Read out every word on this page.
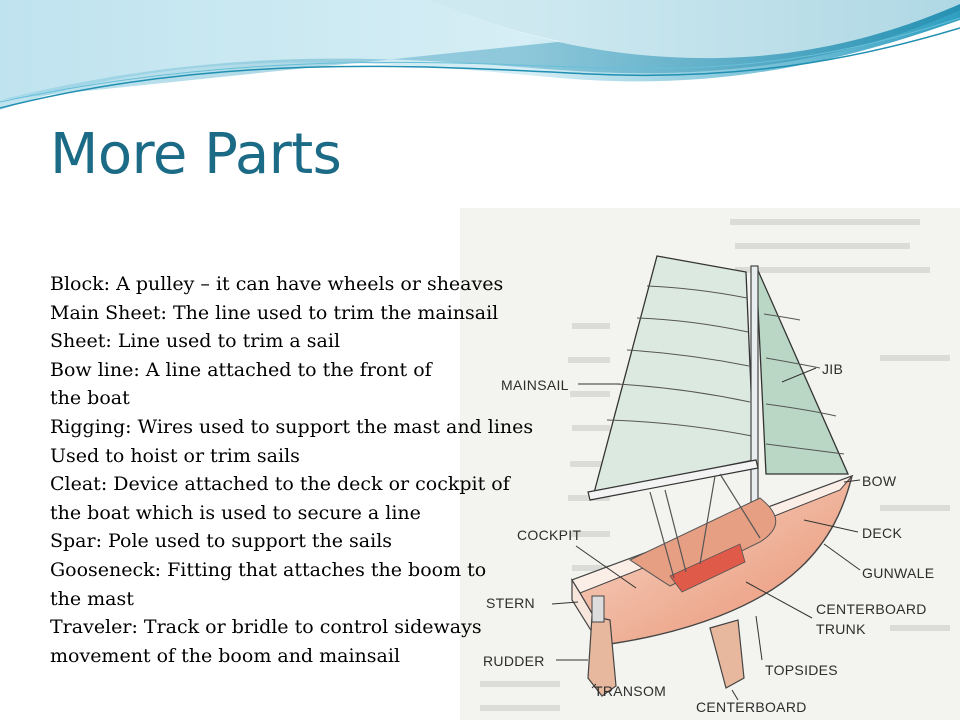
More Parts
MAINSAIL
JIB
BOW
DECK
GUNWALE
COCKPIT
STERN	CENTERBOARD
TRUNK
RUDDER
TOPSIDES
TRANSOM
CENTERBOARD

Block: A pulley – it can have wheels or sheaves

Main Sheet: The line used to trim the mainsail

Sheet: Line used to trim a sail

Bow line: A line attached to the front of the boat

Rigging: Wires used to support the mast and lines Used to hoist or trim sails

Cleat: Device attached to the deck or cockpit of the boat which is used to secure a line

Spar: Pole used to support the sails

Gooseneck: Fitting that attaches the boom to the mast

Traveler: Track or bridle to control sideways movement of the boom and mainsail
